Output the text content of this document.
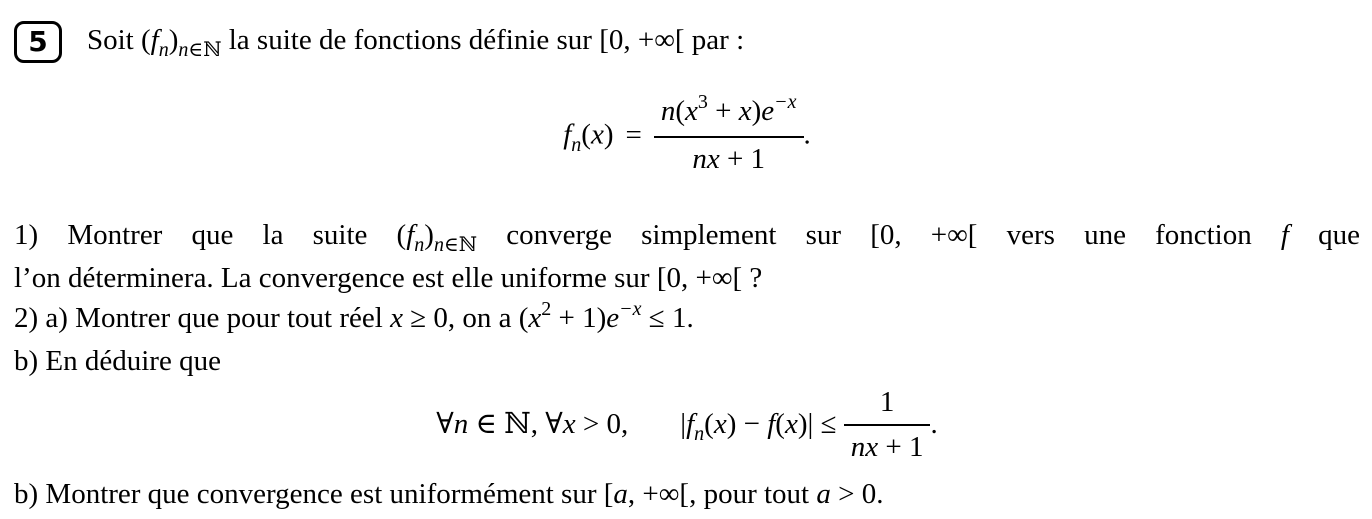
5 Soit $(f_n)_{n\in ℕ}$ la suite de fonctions définie sur [0, +∞[ par :
$f_n(x) = \frac{n(x^3 + x)e^{-x}}{nx + 1}$ .
1) Montrer que la suite $(f_n)_{n\in ℕ}$ converge simplement sur [0, +∞[ vers une fonction f que
l’on déterminera. La convergence est elle uniforme sur [0, +∞[ ?
2) a) Montrer que pour tout réel x ≥ 0, on a $(x^2 + 1)e^{-x} \le 1$.
b) En déduire que
∀n ∈ ℕ, ∀x > 0, $|f_n(x) - f(x)| \le \frac{1}{nx + 1}$ .
b) Montrer que convergence est uniformément sur [a, +∞[, pour tout a > 0.
